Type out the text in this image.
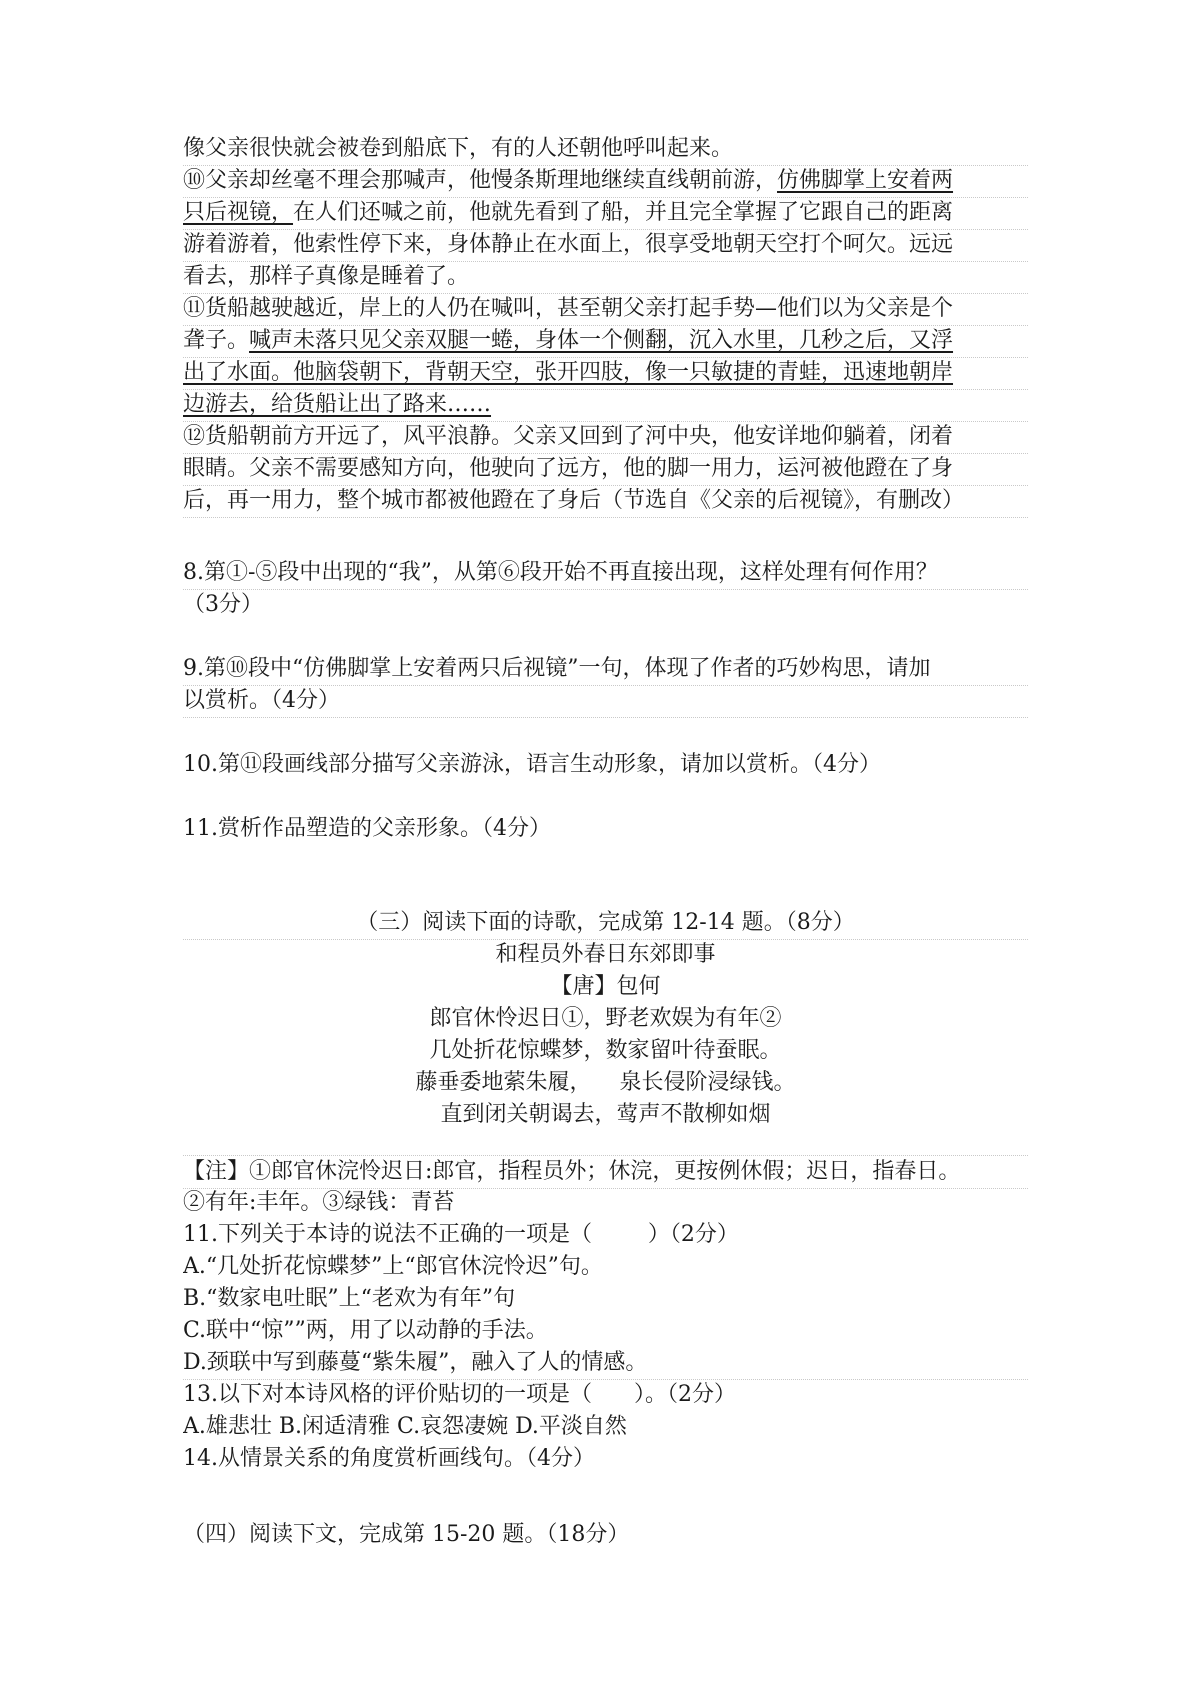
像父亲很快就会被卷到船底下，有的人还朝他呼叫起来。
⑩父亲却丝毫不理会那喊声，他慢条斯理地继续直线朝前游，仿佛脚掌上安着两
只后视镜，在人们还喊之前，他就先看到了船，并且完全掌握了它跟自己的距离
游着游着，他索性停下来，身体静止在水面上，很享受地朝天空打个呵欠。远远
看去，那样子真像是睡着了。
⑪货船越驶越近，岸上的人仍在喊叫，甚至朝父亲打起手势—他们以为父亲是个
聋子。喊声未落只见父亲双腿一蜷，身体一个侧翻，沉入水里，几秒之后，又浮
出了水面。他脑袋朝下，背朝天空，张开四肢，像一只敏捷的青蛙，迅速地朝岸
边游去，给货船让出了路来……
⑫货船朝前方开远了，风平浪静。父亲又回到了河中央，他安详地仰躺着，闭着
眼睛。父亲不需要感知方向，他驶向了远方，他的脚一用力，运河被他蹬在了身
后，再一用力，整个城市都被他蹬在了身后（节选自《父亲的后视镜》，有删改）
8.第①-⑤段中出现的“我”，从第⑥段开始不再直接出现，这样处理有何作用？
（3分）
9.第⑩段中“仿佛脚掌上安着两只后视镜”一句，体现了作者的巧妙构思，请加
以赏析。（4分）
10.第⑪段画线部分描写父亲游泳，语言生动形象，请加以赏析。（4分）
11.赏析作品塑造的父亲形象。（4分）
（三）阅读下面的诗歌，完成第 12-14 题。（8分）
和程员外春日东郊即事
【唐】包何
郎官休怜迟日①，野老欢娱为有年②
几处折花惊蝶梦，数家留叶待蚕眠。
藤垂委地萦朱履，    泉长侵阶浸绿钱。
直到闭关朝谒去，莺声不散柳如烟
【注】①郎官休浣怜迟日:郎官，指程员外；休浣，更按例休假；迟日，指春日。
②有年:丰年。③绿钱：青苔
11.下列关于本诗的说法不正确的一项是（        ）（2分）
A.“几处折花惊蝶梦”上“郎官休浣怜迟”句。
B.“数家电吐眠”上“老欢为有年”句
C.联中“惊””两，用了以动静的手法。
D.颈联中写到藤蔓“紫朱履”，融入了人的情感。
13.以下对本诗风格的评价贴切的一项是（      ）。（2分）
A.雄悲壮 B.闲适清雅 C.哀怨凄婉 D.平淡自然
14.从情景关系的角度赏析画线句。（4分）
（四）阅读下文，完成第 15-20 题。（18分）
